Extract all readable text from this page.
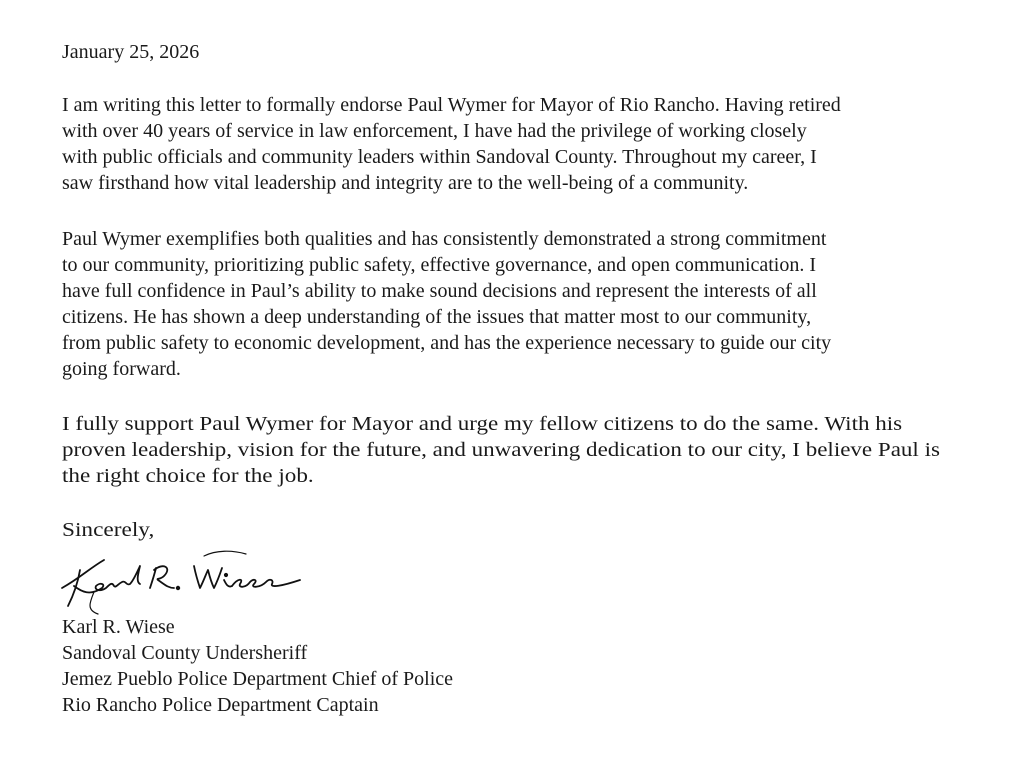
January 25, 2026
I am writing this letter to formally endorse Paul Wymer for Mayor of Rio Rancho. Having retired
with over 40 years of service in law enforcement, I have had the privilege of working closely
with public officials and community leaders within Sandoval County. Throughout my career, I
saw firsthand how vital leadership and integrity are to the well-being of a community.
Paul Wymer exemplifies both qualities and has consistently demonstrated a strong commitment
to our community, prioritizing public safety, effective governance, and open communication. I
have full confidence in Paul’s ability to make sound decisions and represent the interests of all
citizens. He has shown a deep understanding of the issues that matter most to our community,
from public safety to economic development, and has the experience necessary to guide our city
going forward.
I fully support Paul Wymer for Mayor and urge my fellow citizens to do the same. With his
proven leadership, vision for the future, and unwavering dedication to our city, I believe Paul is
the right choice for the job.
Sincerely,
Karl R. Wiese
Sandoval County Undersheriff
Jemez Pueblo Police Department Chief of Police
Rio Rancho Police Department Captain
